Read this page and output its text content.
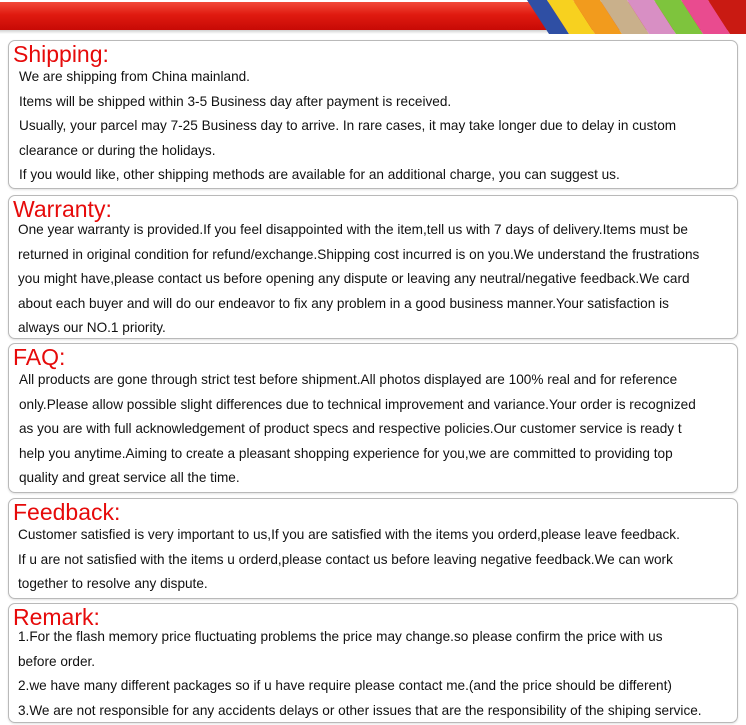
Shipping:

We are shipping from China mainland.

Items will be shipped within 3-5 Business day after payment is received.

Usually, your parcel may 7-25 Business day to arrive. In rare cases, it may take longer due to delay in custom

clearance or during the holidays.

If you would like, other shipping methods are available for an additional charge, you can suggest us.

Warranty:

One year warranty is provided.If you feel disappointed with the item,tell us with 7 days of delivery.Items must be

returned in original condition for refund/exchange.Shipping cost incurred is on you.We understand the frustrations

you might have,please contact us before opening any dispute or leaving any neutral/negative feedback.We card

about each buyer and will do our endeavor to fix any problem in a good business manner.Your satisfaction is

always our NO.1 priority.

FAQ:

All products are gone through strict test before shipment.All photos displayed are 100% real and for reference

only.Please allow possible slight differences due to technical improvement and variance.Your order is recognized

as you are with full acknowledgement of product specs and respective policies.Our customer service is ready t

help you anytime.Aiming to create a pleasant shopping experience for you,we are committed to providing top

quality and great service all the time.

Feedback:

Customer satisfied is very important to us,If you are satisfied with the items you orderd,please leave feedback.

If u are not satisfied with the items u orderd,please contact us before leaving negative feedback.We can work

together to resolve any dispute.

Remark:

1.For the flash memory price fluctuating problems the price may change.so please confirm the price with us

before order.

2.we have many different packages so if u have require please contact me.(and the price should be different)

3.We are not responsible for any accidents delays or other issues that are the responsibility of the shiping service.
